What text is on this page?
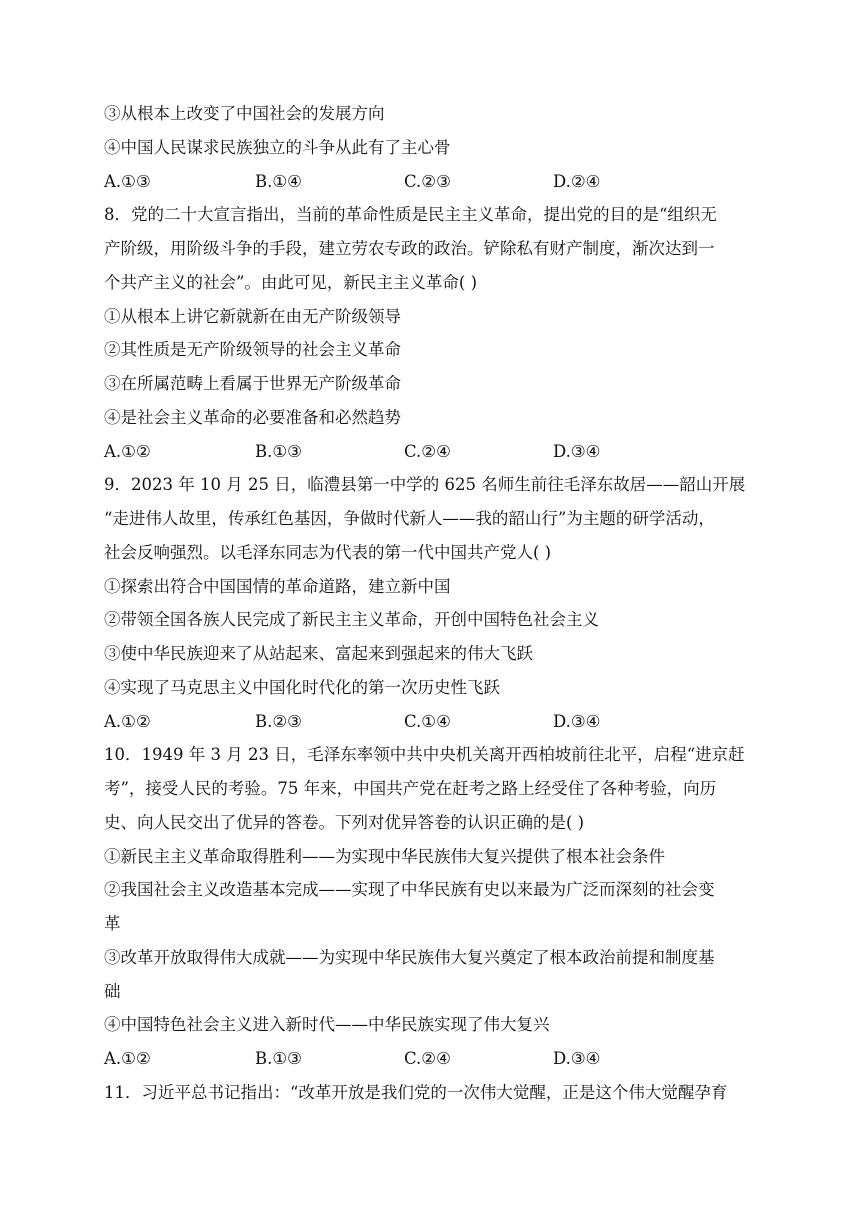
③从根本上改变了中国社会的发展方向
④中国人民谋求民族独立的斗争从此有了主心骨
A.①③	B.①④	C.②③	D.②④
8．党的二十大宣言指出，当前的革命性质是民主主义革命，提出党的目的是“组织无
产阶级，用阶级斗争的手段，建立劳农专政的政治。铲除私有财产制度，渐次达到一
个共产主义的社会”。由此可见，新民主主义革命( )
①从根本上讲它新就新在由无产阶级领导
②其性质是无产阶级领导的社会主义革命
③在所属范畴上看属于世界无产阶级革命
④是社会主义革命的必要准备和必然趋势
A.①②	B.①③	C.②④	D.③④
9．2023 年 10 月 25 日，临澧县第一中学的 625 名师生前往毛泽东故居——韶山开展
“走进伟人故里，传承红色基因，争做时代新人——我的韶山行”为主题的研学活动，
社会反响强烈。以毛泽东同志为代表的第一代中国共产党人( )
①探索出符合中国国情的革命道路，建立新中国
②带领全国各族人民完成了新民主主义革命，开创中国特色社会主义
③使中华民族迎来了从站起来、富起来到强起来的伟大飞跃
④实现了马克思主义中国化时代化的第一次历史性飞跃
A.①②	B.②③	C.①④	D.③④
10．1949 年 3 月 23 日，毛泽东率领中共中央机关离开西柏坡前往北平，启程“进京赶
考”，接受人民的考验。75 年来，中国共产党在赶考之路上经受住了各种考验，向历
史、向人民交出了优异的答卷。下列对优异答卷的认识正确的是( )
①新民主主义革命取得胜利——为实现中华民族伟大复兴提供了根本社会条件
②我国社会主义改造基本完成——实现了中华民族有史以来最为广泛而深刻的社会变
革
③改革开放取得伟大成就——为实现中华民族伟大复兴奠定了根本政治前提和制度基
础
④中国特色社会主义进入新时代——中华民族实现了伟大复兴
A.①②	B.①③	C.②④	D.③④
11．习近平总书记指出：“改革开放是我们党的一次伟大觉醒，正是这个伟大觉醒孕育
